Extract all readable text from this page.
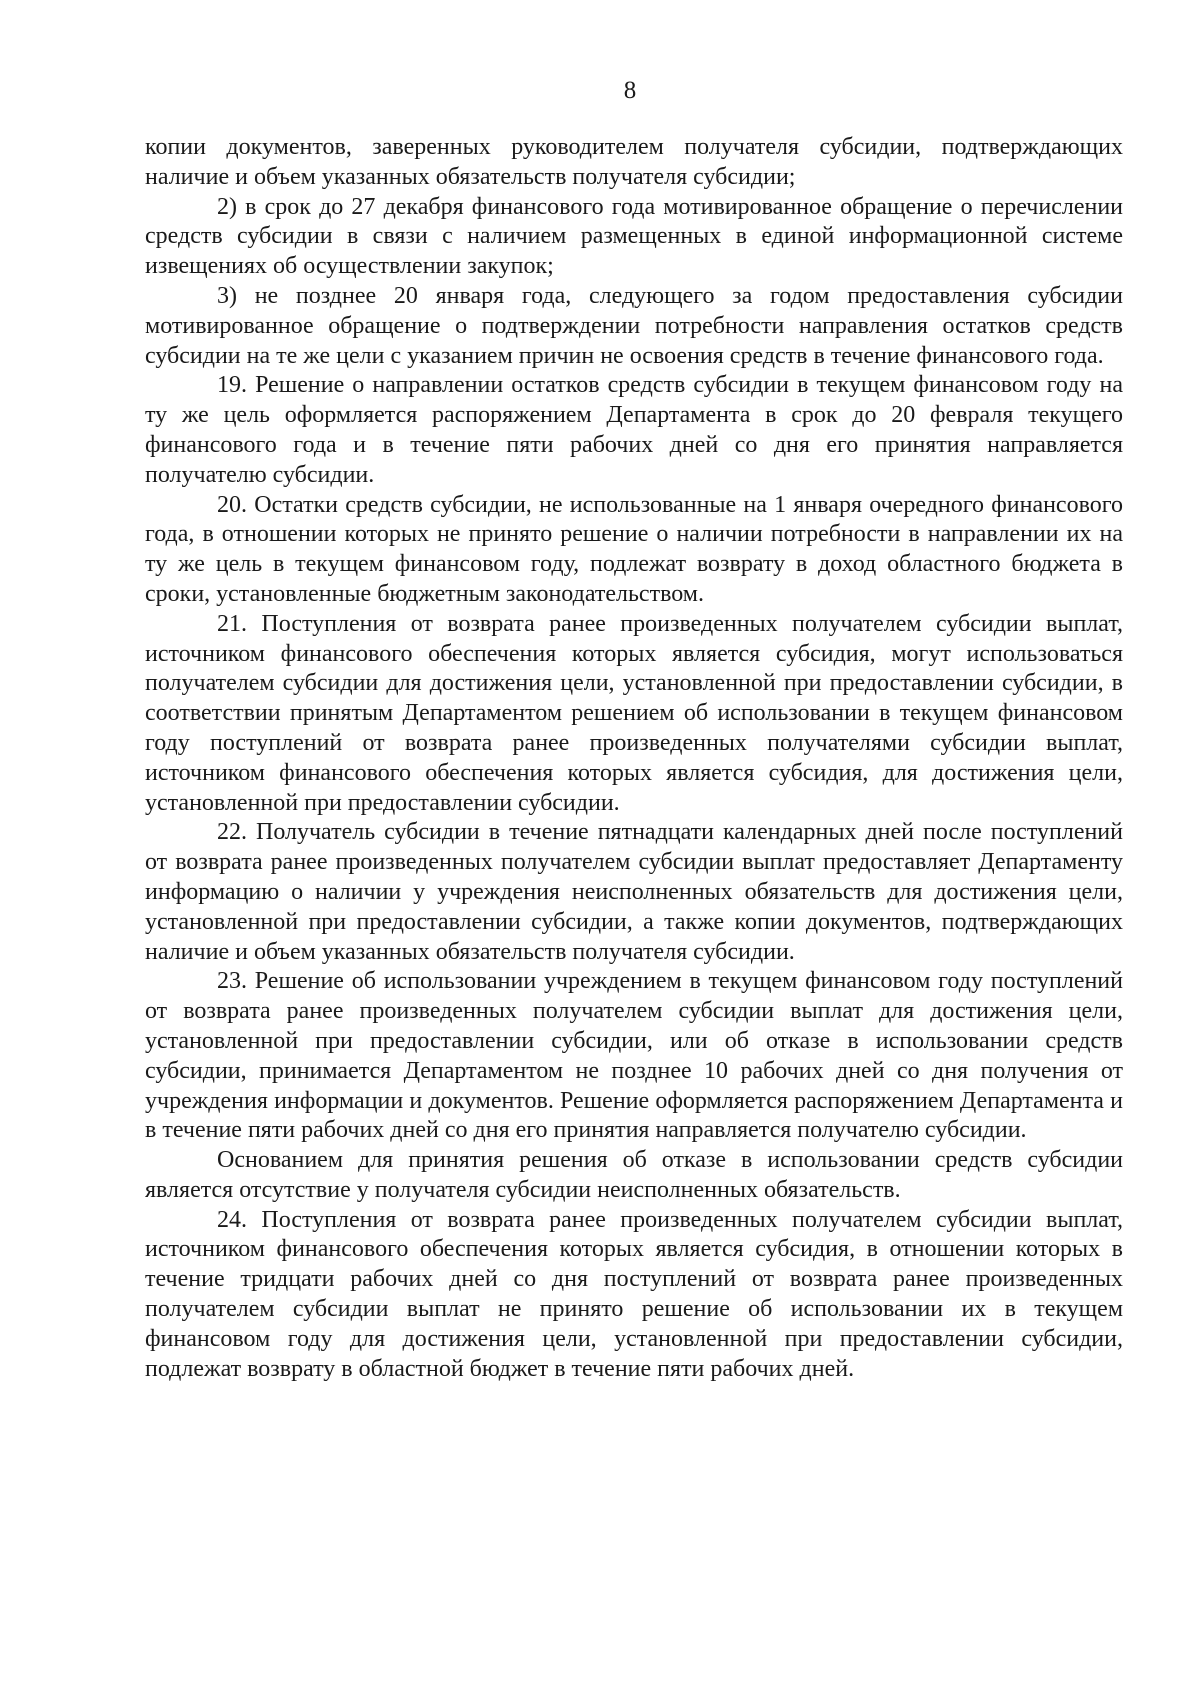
8

копии документов, заверенных руководителем получателя субсидии, подтверждающих наличие и объем указанных обязательств получателя субсидии;

2) в срок до 27 декабря финансового года мотивированное обращение о перечислении средств субсидии в связи с наличием размещенных в единой информационной системе извещениях об осуществлении закупок;

3) не позднее 20 января года, следующего за годом предоставления субсидии мотивированное обращение о подтверждении потребности направления остатков средств субсидии на те же цели с указанием причин не освоения средств в течение финансового года.

19. Решение о направлении остатков средств субсидии в текущем финансовом году на ту же цель оформляется распоряжением Департамента в срок до 20 февраля текущего финансового года и в течение пяти рабочих дней со дня его принятия направляется получателю субсидии.

20. Остатки средств субсидии, не использованные на 1 января очередного финансового года, в отношении которых не принято решение о наличии потребности в направлении их на ту же цель в текущем финансовом году, подлежат возврату в доход областного бюджета в сроки, установленные бюджетным законодательством.

21. Поступления от возврата ранее произведенных получателем субсидии выплат, источником финансового обеспечения которых является субсидия, могут использоваться получателем субсидии для достижения цели, установленной при предоставлении субсидии, в соответствии принятым Департаментом решением об использовании в текущем финансовом году поступлений от возврата ранее произведенных получателями субсидии выплат, источником финансового обеспечения которых является субсидия, для достижения цели, установленной при предоставлении субсидии.

22. Получатель субсидии в течение пятнадцати календарных дней после поступлений от возврата ранее произведенных получателем субсидии выплат предоставляет Департаменту информацию о наличии у учреждения неисполненных обязательств для достижения цели, установленной при предоставлении субсидии, а также копии документов, подтверждающих наличие и объем указанных обязательств получателя субсидии.

23. Решение об использовании учреждением в текущем финансовом году поступлений от возврата ранее произведенных получателем субсидии выплат для достижения цели, установленной при предоставлении субсидии, или об отказе в использовании средств субсидии, принимается Департаментом не позднее 10 рабочих дней со дня получения от учреждения информации и документов. Решение оформляется распоряжением Департамента и в течение пяти рабочих дней со дня его принятия направляется получателю субсидии.

Основанием для принятия решения об отказе в использовании средств субсидии является отсутствие у получателя субсидии неисполненных обязательств.

24. Поступления от возврата ранее произведенных получателем субсидии выплат, источником финансового обеспечения которых является субсидия, в отношении которых в течение тридцати рабочих дней со дня поступлений от возврата ранее произведенных получателем субсидии выплат не принято решение об использовании их в текущем финансовом году для достижения цели, установленной при предоставлении субсидии, подлежат возврату в областной бюджет в течение пяти рабочих дней.
